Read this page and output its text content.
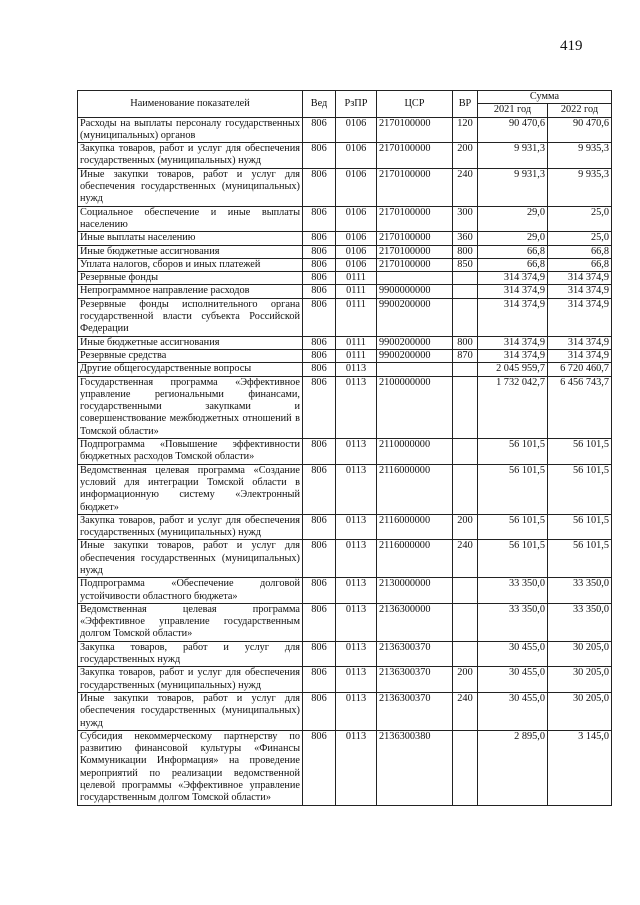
419
Наименование показателей	Вед	РзПР	ЦСР	ВР	Сумма	
					2021 год	2022 год
Расходы на выплаты персоналу государственных (муниципальных) органов	806	0106	2170100000	120	90 470,6	90 470,6
Закупка товаров, работ и услуг для обеспечения государственных (муниципальных) нужд	806	0106	2170100000	200	9 931,3	9 935,3
Иные закупки товаров, работ и услуг для обеспечения государственных (муниципальных) нужд	806	0106	2170100000	240	9 931,3	9 935,3
Социальное обеспечение и иные выплаты населению	806	0106	2170100000	300	29,0	25,0
Иные выплаты населению	806	0106	2170100000	360	29,0	25,0
Иные бюджетные ассигнования	806	0106	2170100000	800	66,8	66,8
Уплата налогов, сборов и иных платежей	806	0106	2170100000	850	66,8	66,8
Резервные фонды	806	0111			314 374,9	314 374,9
Непрограммное направление расходов	806	0111	9900000000		314 374,9	314 374,9
Резервные фонды исполнительного органа государственной власти субъекта Российской Федерации	806	0111	9900200000		314 374,9	314 374,9
Иные бюджетные ассигнования	806	0111	9900200000	800	314 374,9	314 374,9
Резервные средства	806	0111	9900200000	870	314 374,9	314 374,9
Другие общегосударственные вопросы	806	0113			2 045 959,7	6 720 460,7
Государственная программа «Эффективное управление региональными финансами, государственными закупками и совершенствование межбюджетных отношений в Томской области»	806	0113	2100000000		1 732 042,7	6 456 743,7
Подпрограмма «Повышение эффективности бюджетных расходов Томской области»	806	0113	2110000000		56 101,5	56 101,5
Ведомственная целевая программа «Создание условий для интеграции Томской области в информационную систему «Электронный бюджет»	806	0113	2116000000		56 101,5	56 101,5
Закупка товаров, работ и услуг для обеспечения государственных (муниципальных) нужд	806	0113	2116000000	200	56 101,5	56 101,5
Иные закупки товаров, работ и услуг для обеспечения государственных (муниципальных) нужд	806	0113	2116000000	240	56 101,5	56 101,5
Подпрограмма «Обеспечение долговой устойчивости областного бюджета»	806	0113	2130000000		33 350,0	33 350,0
Ведомственная целевая программа «Эффективное управление государственным долгом Томской области»	806	0113	2136300000		33 350,0	33 350,0
Закупка товаров, работ и услуг для государственных нужд	806	0113	2136300370		30 455,0	30 205,0
Закупка товаров, работ и услуг для обеспечения государственных (муниципальных) нужд	806	0113	2136300370	200	30 455,0	30 205,0
Иные закупки товаров, работ и услуг для обеспечения государственных (муниципальных) нужд	806	0113	2136300370	240	30 455,0	30 205,0
Субсидия некоммерческому партнерству по развитию финансовой культуры «Финансы Коммуникации Информация» на проведение мероприятий по реализации ведомственной целевой программы «Эффективное управление государственным долгом Томской области»	806	0113	2136300380		2 895,0	3 145,0
